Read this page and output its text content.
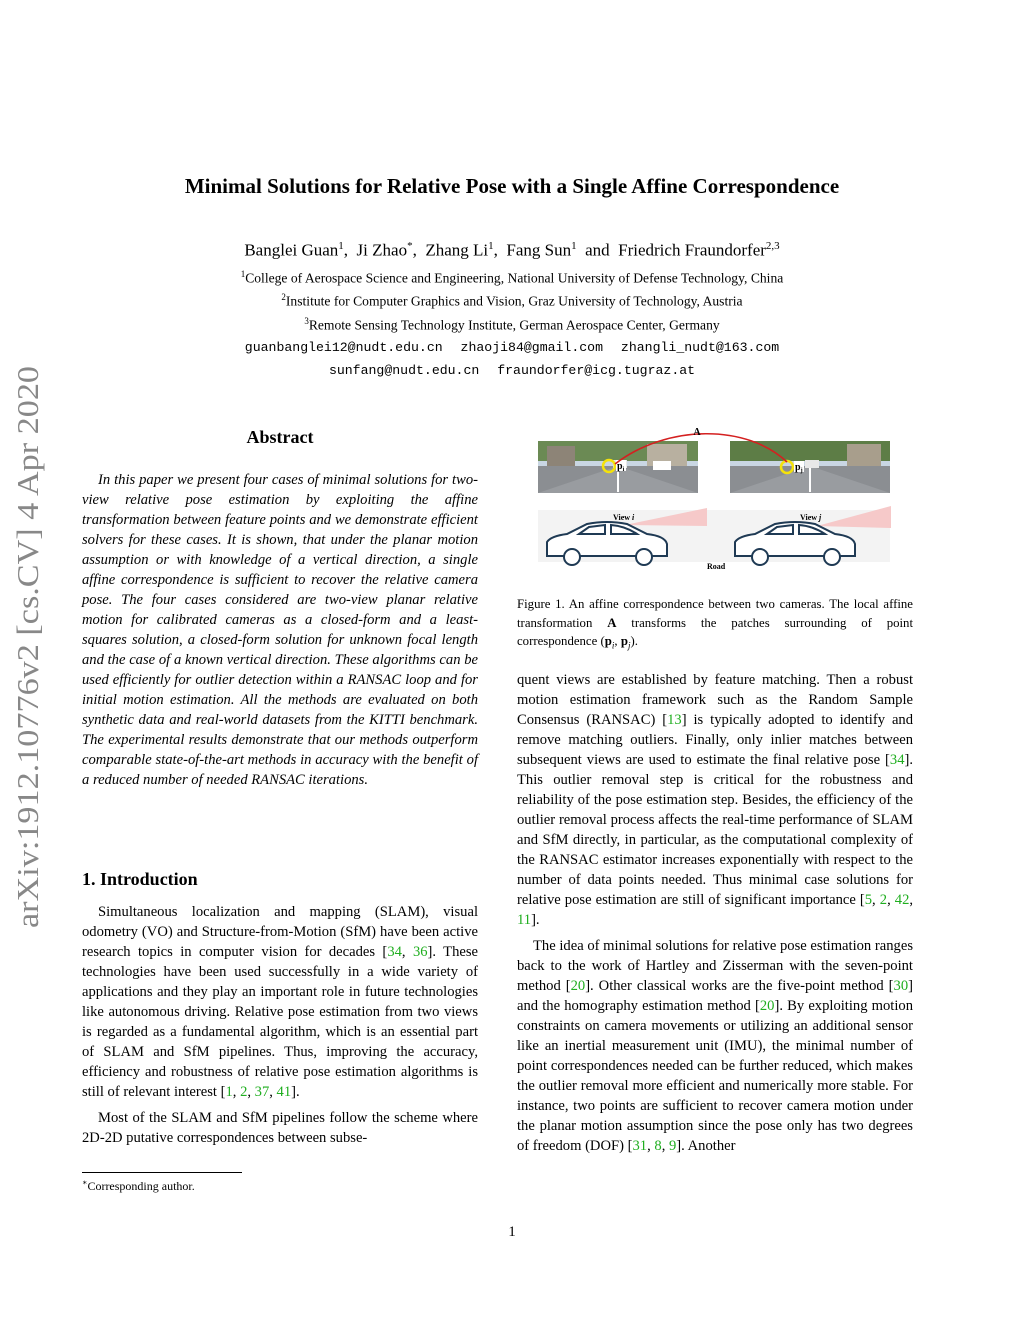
arXiv:1912.10776v2 [cs.CV] 4 Apr 2020
Minimal Solutions for Relative Pose with a Single Affine Correspondence
Banglei Guan$^1$,  Ji Zhao*,  Zhang Li$^1$,  Fang Sun$^1$ and Friedrich Fraundorfer$^{2,3}$
$^1$College of Aerospace Science and Engineering, National University of Defense Technology, China
$^2$Institute for Computer Graphics and Vision, Graz University of Technology, Austria
$^3$Remote Sensing Technology Institute, German Aerospace Center, Germany
guanbanglei12@nudt.edu.cn zhaoji84@gmail.com zhangli_nudt@163.com
sunfang@nudt.edu.cn fraundorfer@icg.tugraz.at
Abstract
In this paper we present four cases of minimal solutions for two-view relative pose estimation by exploiting the affine transformation between feature points and we demonstrate efficient solvers for these cases. It is shown, that under the planar motion assumption or with knowledge of a vertical direction, a single affine correspondence is sufficient to recover the relative camera pose. The four cases considered are two-view planar relative motion for calibrated cameras as a closed-form and a least-squares solution, a closed-form solution for unknown focal length and the case of a known vertical direction. These algorithms can be used efficiently for outlier detection within a RANSAC loop and for initial motion estimation. All the methods are evaluated on both synthetic data and real-world datasets from the KITTI benchmark. The experimental results demonstrate that our methods outperform comparable state-of-the-art methods in accuracy with the benefit of a reduced number of needed RANSAC iterations.
1. Introduction

Simultaneous localization and mapping (SLAM), visual odometry (VO) and Structure-from-Motion (SfM) have been active research topics in computer vision for decades [34, 36]. These technologies have been used successfully in a wide variety of applications and they play an important role in future technologies like autonomous driving. Relative pose estimation from two views is regarded as a fundamental algorithm, which is an essential part of SLAM and SfM pipelines. Thus, improving the accuracy, efficiency and robustness of relative pose estimation algorithms is still of relevant interest [1, 2, 37, 41].

Most of the SLAM and SfM pipelines follow the scheme where 2D-2D putative correspondences between subse-

∗Corresponding author.
$p_i$	$p_j$
A
View i	View j
Road
Figure 1. An affine correspondence between two cameras. The local affine transformation A transforms the patches surrounding of point correspondence ($p_i$, $p_j$).

quent views are established by feature matching. Then a robust motion estimation framework such as the Random Sample Consensus (RANSAC) [13] is typically adopted to identify and remove matching outliers. Finally, only inlier matches between subsequent views are used to estimate the final relative pose [34]. This outlier removal step is critical for the robustness and reliability of the pose estimation step. Besides, the efficiency of the outlier removal process affects the real-time performance of SLAM and SfM directly, in particular, as the computational complexity of the RANSAC estimator increases exponentially with respect to the number of data points needed. Thus minimal case solutions for relative pose estimation are still of significant importance [5, 2, 42, 11].

The idea of minimal solutions for relative pose estimation ranges back to the work of Hartley and Zisserman with the seven-point method [20]. Other classical works are the five-point method [30] and the homography estimation method [20]. By exploiting motion constraints on camera movements or utilizing an additional sensor like an inertial measurement unit (IMU), the minimal number of point correspondences needed can be further reduced, which makes the outlier removal more efficient and numerically more stable. For instance, two points are sufficient to recover camera motion under the planar motion assumption since the pose only has two degrees of freedom (DOF) [31, 8, 9]. Another

1
